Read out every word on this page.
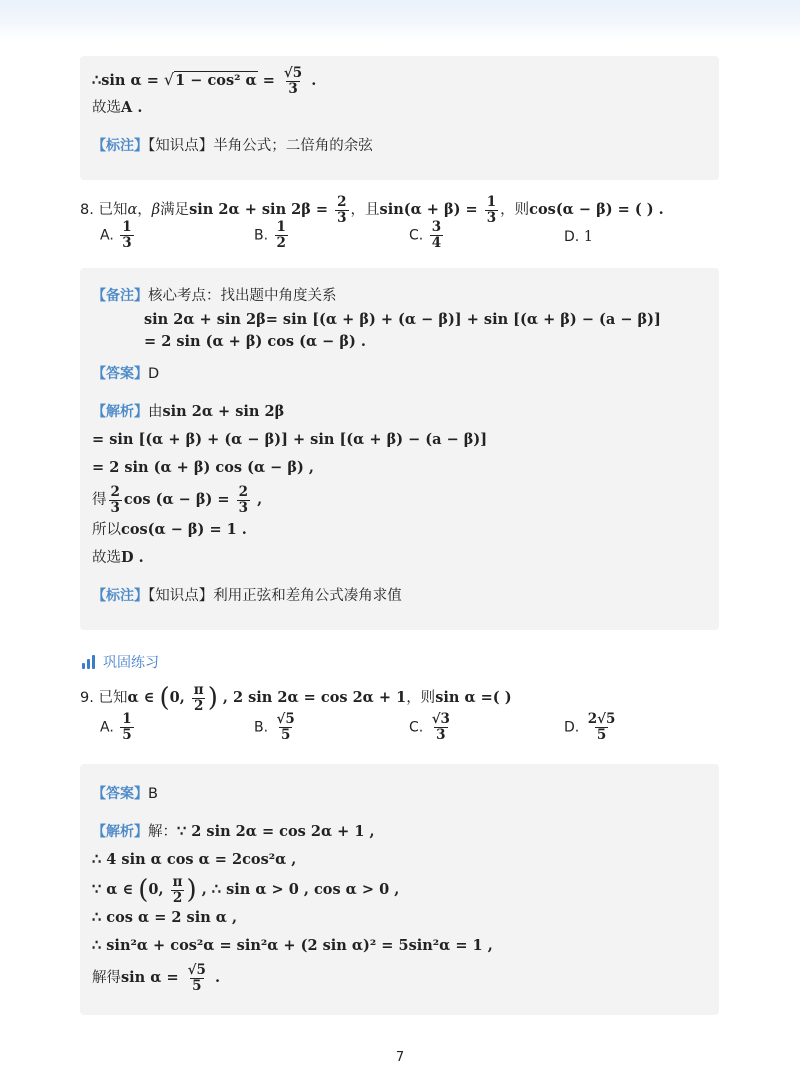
∴sin α = √1 − cos² $\alpha = \frac{√5}{3}$ .
故选A .
【标注】【知识点】半角公式；二倍角的余弦
8. 已知α，β满足$\sin 2\alpha + \sin 2\beta = \frac{2}{3}$ ，且$\sin(\alpha + \beta) = \frac{1}{3}$ ，则cos(α − β) = ( ) .
A. $\frac{1}{3}$	B. $\frac{1}{2}$	C. $\frac{3}{4}$	D. 1
【备注】核心考点：找出题中角度关系
sin 2α + sin 2β= sin [(α + β) + (α − β)] + sin [(α + β) − (a − β)]
= 2 sin (α + β) cos (α − β) .
【答案】D
【解析】由sin 2α + sin 2β
= sin [(α + β) + (α − β)] + sin [(α + β) − (a − β)]
= 2 sin (α + β) cos (α − β) ,
得 $\frac{2}{3}$ $\cos (\alpha - \beta) = \frac{2}{3}$ ,
所以cos(α − β) = 1 .
故选D .
【标注】【知识点】利用正弦和差角公式凑角求值
巩固练习
9. 已知α ∈ (0, $\frac{\pi}{2}$ ) , 2 sin 2α = cos 2α + 1，则sin α =( )
A. $\frac{1}{5}$	B. $\frac{√5}{5}$	C. $\frac{√3}{3}$	D. $\frac{2√5}{5}$
【答案】B
【解析】解：∵ 2 sin 2α = cos 2α + 1 ,
∴ 4 sin α cos α = 2cos²α ,
∵ α ∈ (0, $\frac{\pi}{2}$ ) , ∴ sin α > 0 , cos α > 0 ,
∴ cos α = 2 sin α ,
∴ sin²α + cos²α = sin²α + (2 sin α)² = 5sin²α = 1 ,
解得$\sin \alpha = \frac{√5}{5}$ .
7
